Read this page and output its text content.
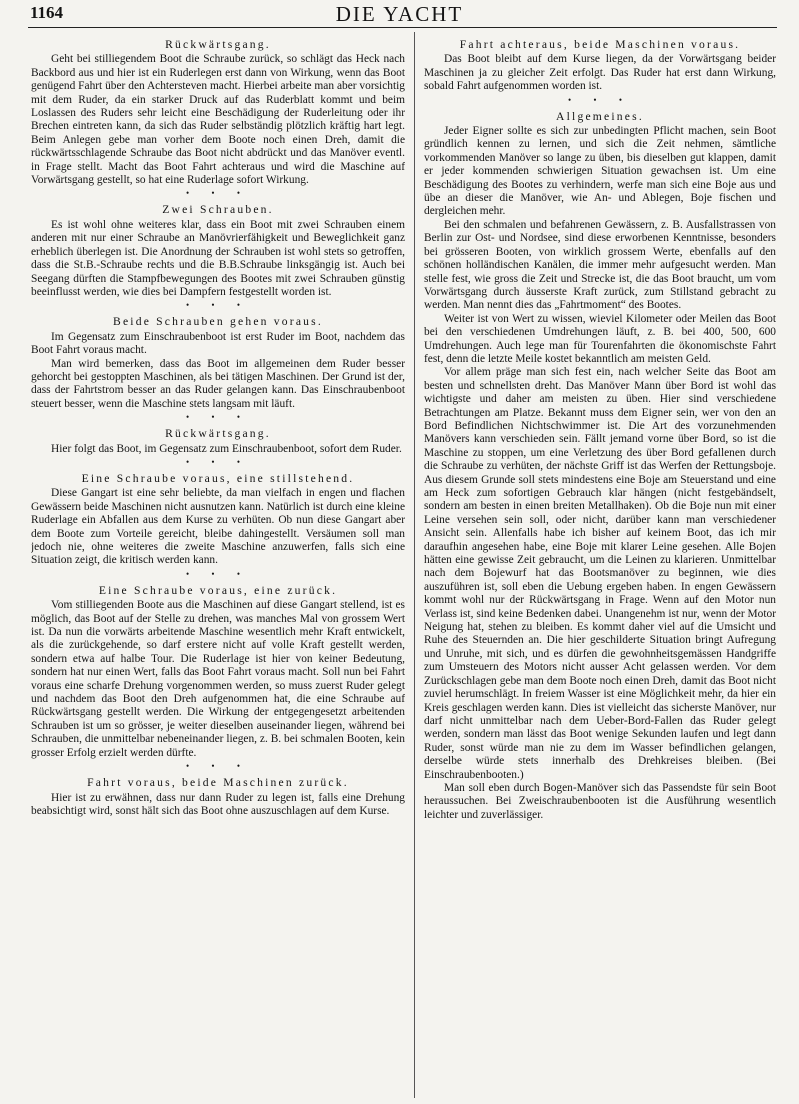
1164	DIE YACHT
Rückwärtsgang.

Geht bei stilliegendem Boot die Schraube zurück, so schlägt das Heck nach Backbord aus und hier ist ein Ruderlegen erst dann von Wirkung, wenn das Boot genügend Fahrt über den Achtersteven macht. Hierbei arbeite man aber vorsichtig mit dem Ruder, da ein starker Druck auf das Ruderblatt kommt und beim Loslassen des Ruders sehr leicht eine Beschädigung der Ruderleitung oder ihr Brechen eintreten kann, da sich das Ruder selbständig plötzlich kräftig hart legt. Beim Anlegen gebe man vorher dem Boote noch einen Dreh, damit die rückwärtsschlagende Schraube das Boot nicht abdrückt und das Manöver eventl. in Frage stellt. Macht das Boot Fahrt achteraus und wird die Maschine auf Vorwärtsgang gestellt, so hat eine Ruderlage sofort Wirkung.

• • •
Zwei Schrauben.

Es ist wohl ohne weiteres klar, dass ein Boot mit zwei Schrauben einem anderen mit nur einer Schraube an Manövrierfähigkeit und Beweglichkeit ganz erheblich überlegen ist. Die Anordnung der Schrauben ist wohl stets so getroffen, dass die St.B.-Schraube rechts und die B.B.Schraube linksgängig ist. Auch bei Seegang dürften die Stampfbewegungen des Bootes mit zwei Schrauben günstig beeinflusst werden, wie dies bei Dampfern festgestellt worden ist.

• • •
Beide Schrauben gehen voraus.

Im Gegensatz zum Einschraubenboot ist erst Ruder im Boot, nachdem das Boot Fahrt voraus macht.

Man wird bemerken, dass das Boot im allgemeinen dem Ruder besser gehorcht bei gestoppten Maschinen, als bei tätigen Maschinen. Der Grund ist der, dass der Fahrtstrom besser an das Ruder gelangen kann. Das Einschraubenboot steuert besser, wenn die Maschine stets langsam mit läuft.

• • •
Rückwärtsgang.

Hier folgt das Boot, im Gegensatz zum Einschraubenboot, sofort dem Ruder.

• • •
Eine Schraube voraus, eine stillstehend.

Diese Gangart ist eine sehr beliebte, da man vielfach in engen und flachen Gewässern beide Maschinen nicht ausnutzen kann. Natürlich ist durch eine kleine Ruderlage ein Abfallen aus dem Kurse zu verhüten. Ob nun diese Gangart aber dem Boote zum Vorteile gereicht, bleibe dahingestellt. Versäumen soll man jedoch nie, ohne weiteres die zweite Maschine anzuwerfen, falls sich eine Situation zeigt, die kritisch werden kann.

• • •
Eine Schraube voraus, eine zurück.

Vom stilliegenden Boote aus die Maschinen auf diese Gangart stellend, ist es möglich, das Boot auf der Stelle zu drehen, was manches Mal von grossem Wert ist. Da nun die vorwärts arbeitende Maschine wesentlich mehr Kraft entwickelt, als die zurückgehende, so darf erstere nicht auf volle Kraft gestellt werden, sondern etwa auf halbe Tour. Die Ruderlage ist hier von keiner Bedeutung, sondern hat nur einen Wert, falls das Boot Fahrt voraus macht. Soll nun bei Fahrt voraus eine scharfe Drehung vorgenommen werden, so muss zuerst Ruder gelegt und nachdem das Boot den Dreh aufgenommen hat, die eine Schraube auf Rückwärtsgang gestellt werden. Die Wirkung der entgegengesetzt arbeitenden Schrauben ist um so grösser, je weiter dieselben auseinander liegen, während bei Schrauben, die unmittelbar nebeneinander liegen, z. B. bei schmalen Booten, kein grosser Erfolg erzielt werden dürfte.

• • •
Fahrt voraus, beide Maschinen zurück.

Hier ist zu erwähnen, dass nur dann Ruder zu legen ist, falls eine Drehung beabsichtigt wird, sonst hält sich das Boot ohne auszuschlagen auf dem Kurse.

Fahrt achteraus, beide Maschinen voraus.

Das Boot bleibt auf dem Kurse liegen, da der Vorwärtsgang beider Maschinen ja zu gleicher Zeit erfolgt. Das Ruder hat erst dann Wirkung, sobald Fahrt aufgenommen worden ist.

• • •
Allgemeines.

Jeder Eigner sollte es sich zur unbedingten Pflicht machen, sein Boot gründlich kennen zu lernen, und sich die Zeit nehmen, sämtliche vorkommenden Manöver so lange zu üben, bis dieselben gut klappen, damit er jeder kommenden schwierigen Situation gewachsen ist. Um eine Beschädigung des Bootes zu verhindern, werfe man sich eine Boje aus und übe an dieser die Manöver, wie An- und Ablegen, Boje fischen und dergleichen mehr.

Bei den schmalen und befahrenen Gewässern, z. B. Ausfallstrassen von Berlin zur Ost- und Nordsee, sind diese erworbenen Kenntnisse, besonders bei grösseren Booten, von wirklich grossem Werte, ebenfalls auf den schönen holländischen Kanälen, die immer mehr aufgesucht werden. Man stelle fest, wie gross die Zeit und Strecke ist, die das Boot braucht, um vom Vorwärtsgang durch äusserste Kraft zurück, zum Stillstand gebracht zu werden. Man nennt dies das „Fahrtmoment“ des Bootes.

Weiter ist von Wert zu wissen, wieviel Kilometer oder Meilen das Boot bei den verschiedenen Umdrehungen läuft, z. B. bei 400, 500, 600 Umdrehungen. Auch lege man für Tourenfahrten die ökonomischste Fahrt fest, denn die letzte Meile kostet bekanntlich am meisten Geld.

Vor allem präge man sich fest ein, nach welcher Seite das Boot am besten und schnellsten dreht. Das Manöver Mann über Bord ist wohl das wichtigste und daher am meisten zu üben. Hier sind verschiedene Betrachtungen am Platze. Bekannt muss dem Eigner sein, wer von den an Bord Befindlichen Nichtschwimmer ist. Die Art des vorzunehmenden Manövers kann verschieden sein. Fällt jemand vorne über Bord, so ist die Maschine zu stoppen, um eine Verletzung des über Bord gefallenen durch die Schraube zu verhüten, der nächste Griff ist das Werfen der Rettungsboje. Aus diesem Grunde soll stets mindestens eine Boje am Steuerstand und eine am Heck zum sofortigen Gebrauch klar hängen (nicht festgebändselt, sondern am besten in einen breiten Metallhaken). Ob die Boje nun mit einer Leine versehen sein soll, oder nicht, darüber kann man verschiedener Ansicht sein. Allenfalls habe ich bisher auf keinem Boot, das ich mir daraufhin angesehen habe, eine Boje mit klarer Leine gesehen. Alle Bojen hätten eine gewisse Zeit gebraucht, um die Leinen zu klarieren. Unmittelbar nach dem Bojewurf hat das Bootsmanöver zu beginnen, wie dies auszuführen ist, soll eben die Uebung ergeben haben. In engen Gewässern kommt wohl nur der Rückwärtsgang in Frage. Wenn auf den Motor nun Verlass ist, sind keine Bedenken dabei. Unangenehm ist nur, wenn der Motor Neigung hat, stehen zu bleiben. Es kommt daher viel auf die Umsicht und Ruhe des Steuernden an. Die hier geschilderte Situation bringt Aufregung und Unruhe, mit sich, und es dürfen die gewohnheitsgemässen Handgriffe zum Umsteuern des Motors nicht ausser Acht gelassen werden. Vor dem Zurückschlagen gebe man dem Boote noch einen Dreh, damit das Boot nicht zuviel herumschlägt. In freiem Wasser ist eine Möglichkeit mehr, da hier ein Kreis geschlagen werden kann. Dies ist vielleicht das sicherste Manöver, nur darf nicht unmittelbar nach dem Ueber-Bord-Fallen das Ruder gelegt werden, sondern man lässt das Boot wenige Sekunden laufen und legt dann Ruder, sonst würde man nie zu dem im Wasser befindlichen gelangen, derselbe würde stets innerhalb des Drehkreises bleiben. (Bei Einschraubenbooten.)

Man soll eben durch Bogen-Manöver sich das Passendste für sein Boot heraussuchen. Bei Zweischraubenbooten ist die Ausführung wesentlich leichter und zuverlässiger.
